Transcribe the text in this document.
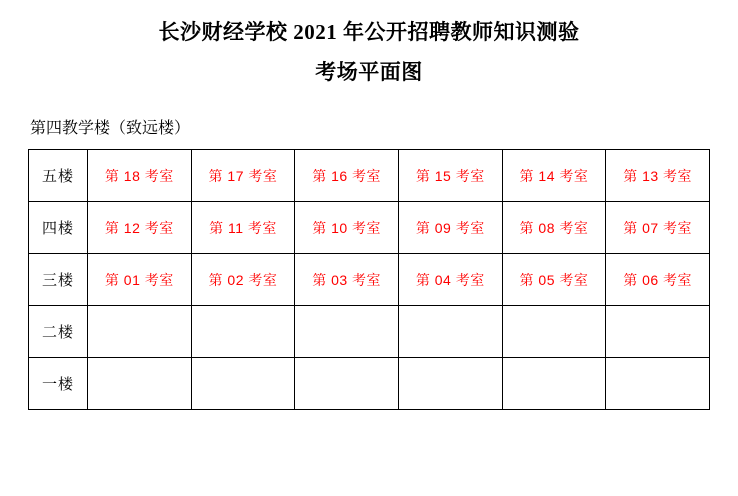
长沙财经学校 2021 年公开招聘教师知识测验
考场平面图
第四教学楼（致远楼）
五楼	第 18 考室	第 17 考室	第 16 考室	第 15 考室	第 14 考室	第 13 考室
四楼	第 12 考室	第 11 考室	第 10 考室	第 09 考室	第 08 考室	第 07 考室
三楼	第 01 考室	第 02 考室	第 03 考室	第 04 考室	第 05 考室	第 06 考室
二楼						
一楼						
